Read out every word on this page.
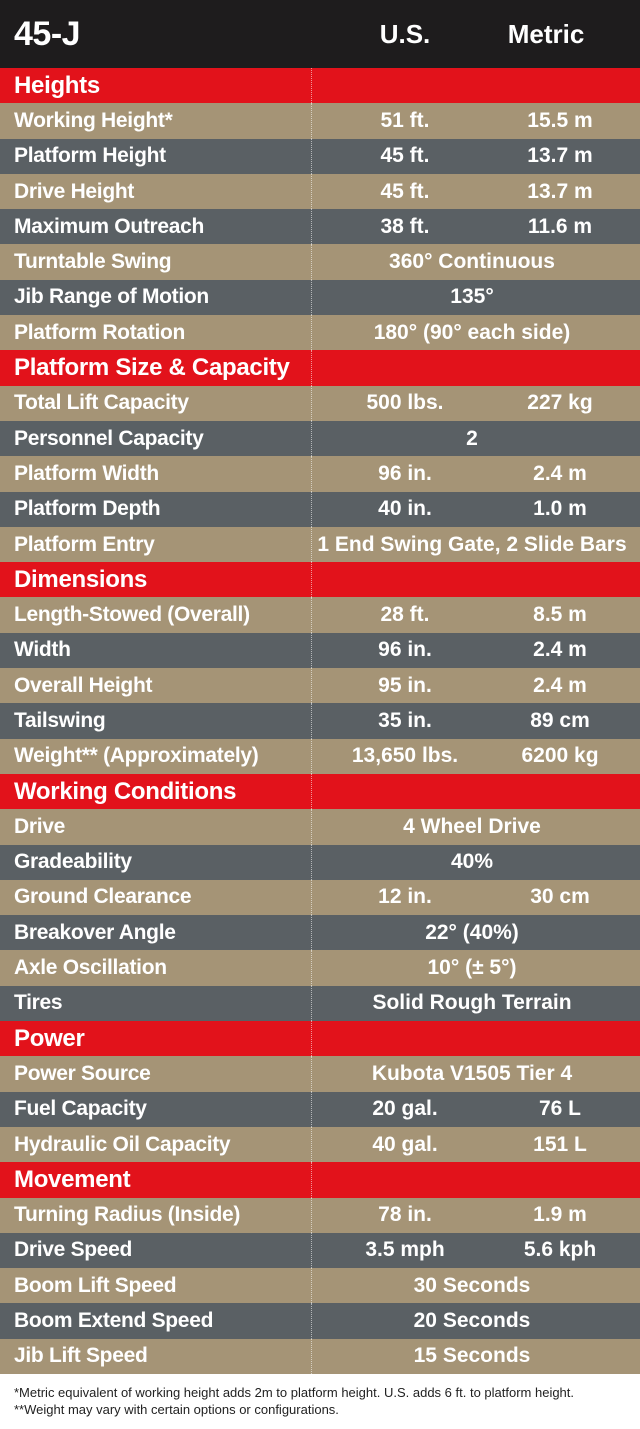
45-J	U.S.	Metric
Heights
Working Height*	51 ft.	15.5 m
Platform Height	45 ft.	13.7 m
Drive Height	45 ft.	13.7 m
Maximum Outreach	38 ft.	11.6 m
Turntable Swing	360° Continuous
Jib Range of Motion	135°
Platform Rotation	180° (90° each side)
Platform Size & Capacity
Total Lift Capacity	500 lbs.	227 kg
Personnel Capacity	2
Platform Width	96 in.	2.4 m
Platform Depth	40 in.	1.0 m
Platform Entry	1 End Swing Gate, 2 Slide Bars
Dimensions
Length-Stowed (Overall)	28 ft.	8.5 m
Width	96 in.	2.4 m
Overall Height	95 in.	2.4 m
Tailswing	35 in.	89 cm
Weight** (Approximately)	13,650 lbs.	6200 kg
Working Conditions
Drive	4 Wheel Drive
Gradeability	40%
Ground Clearance	12 in.	30 cm
Breakover Angle	22° (40%)
Axle Oscillation	10° (± 5°)
Tires	Solid Rough Terrain
Power
Power Source	Kubota V1505 Tier 4
Fuel Capacity	20 gal.	76 L
Hydraulic Oil Capacity	40 gal.	151 L
Movement
Turning Radius (Inside)	78 in.	1.9 m
Drive Speed	3.5 mph	5.6 kph
Boom Lift Speed	30 Seconds
Boom Extend Speed	20 Seconds
Jib Lift Speed	15 Seconds
*Metric equivalent of working height adds 2m to platform height. U.S. adds 6 ft. to platform height.
**Weight may vary with certain options or configurations.
